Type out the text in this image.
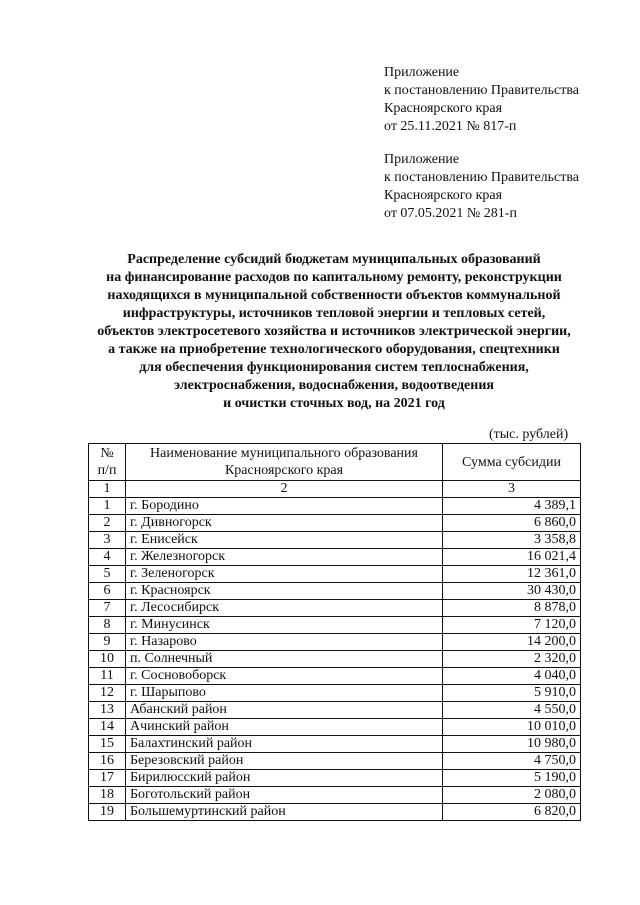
Приложение
к постановлению Правительства
Красноярского края
от 25.11.2021 № 817-п
Приложение
к постановлению Правительства
Красноярского края
от 07.05.2021 № 281-п
Распределение субсидий бюджетам муниципальных образований
на финансирование расходов по капитальному ремонту, реконструкции
находящихся в муниципальной собственности объектов коммунальной
инфраструктуры, источников тепловой энергии и тепловых сетей,
объектов электросетевого хозяйства и источников электрической энергии,
а также на приобретение технологического оборудования, спецтехники
для обеспечения функционирования систем теплоснабжения,
электроснабжения, водоснабжения, водоотведения
и очистки сточных вод, на 2021 год
(тыс. рублей)
№ п/п	Наименование муниципального образования Красноярского края	Сумма субсидии
1	2	3
1	г. Бородино	4 389,1
2	г. Дивногорск	6 860,0
3	г. Енисейск	3 358,8
4	г. Железногорск	16 021,4
5	г. Зеленогорск	12 361,0
6	г. Красноярск	30 430,0
7	г. Лесосибирск	8 878,0
8	г. Минусинск	7 120,0
9	г. Назарово	14 200,0
10	п. Солнечный	2 320,0
11	г. Сосновоборск	4 040,0
12	г. Шарыпово	5 910,0
13	Абанский район	4 550,0
14	Ачинский район	10 010,0
15	Балахтинский район	10 980,0
16	Березовский район	4 750,0
17	Бирилюсский район	5 190,0
18	Боготольский район	2 080,0
19	Большемуртинский район	6 820,0
